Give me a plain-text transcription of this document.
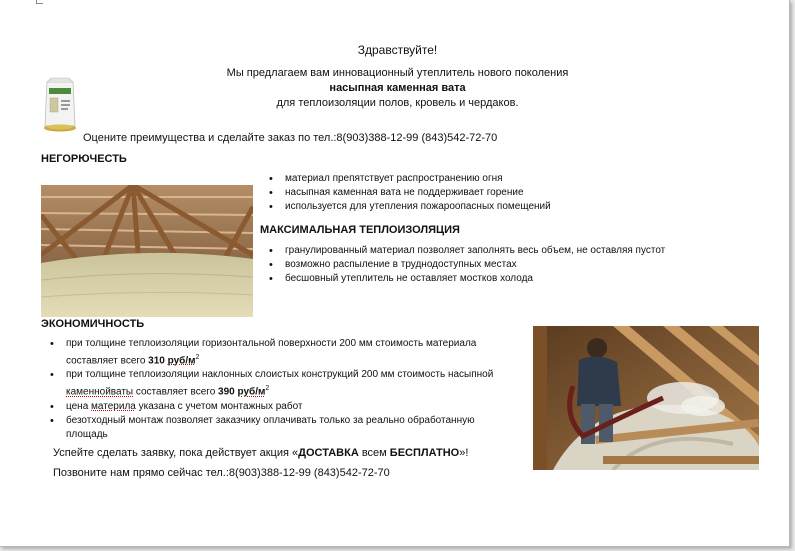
Здравствуйте!
Мы предлагаем вам инновационный утеплитель нового поколения
насыпная каменная вата
для теплоизоляции полов, кровель и чердаков.
Оцените преимущества и сделайте заказ по тел.:8(903)388-12-99 (843)542-72-70
НЕГОРЮЧЕСТЬ
• материал препятствует распространению огня
• насыпная каменная вата не поддерживает горение
• используется для утепления пожароопасных помещений
МАКСИМАЛЬНАЯ ТЕПЛОИЗОЛЯЦИЯ
• гранулированный материал позволяет заполнять весь объем, не оставляя пустот
• возможно распыление в труднодоступных местах
• бесшовный утеплитель не оставляет мостков холода
ЭКОНОМИЧНОСТЬ
• при толщине теплоизоляции горизонтальной поверхности 200 мм стоимость материала составляет всего 310 руб/$м^2$
• при толщине теплоизоляции наклонных слоистых конструкций 200 мм стоимость насыпной каменнойваты составляет всего 390 руб/$м^2$
• цена материла указана с учетом монтажных работ
• безотходный монтаж позволяет заказчику оплачивать только за реально обработанную площадь
Успейте сделать заявку, пока действует акция «ДОСТАВКА всем БЕСПЛАТНО»!
Позвоните нам прямо сейчас тел.:8(903)388-12-99 (843)542-72-70
